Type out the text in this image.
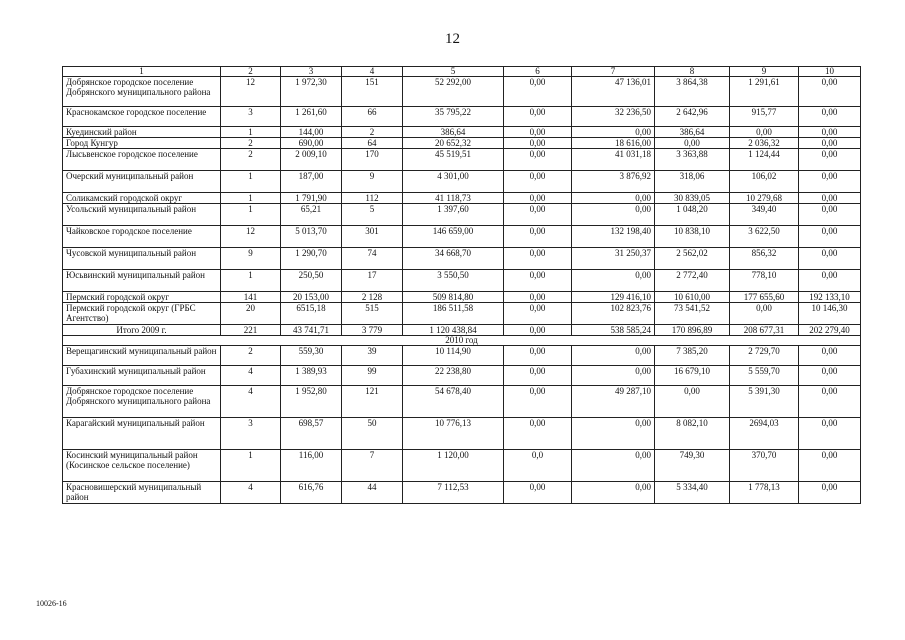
12
1	2	3	4	5	6	7	8	9	10
Добрянское городское поселение Добрянского муниципального района	12	1 972,30	151	52 292,00	0,00	47 136,01	3 864,38	1 291,61	0,00
Краснокамское городское поселение	3	1 261,60	66	35 795,22	0,00	32 236,50	2 642,96	915,77	0,00
Куединский район	1	144,00	2	386,64	0,00	0,00	386,64	0,00	0,00
Город Кунгур	2	690,00	64	20 652,32	0,00	18 616,00	0,00	2 036,32	0,00
Лысьвенское городское поселение	2	2 009,10	170	45 519,51	0,00	41 031,18	3 363,88	1 124,44	0,00
Очерский муниципальный район	1	187,00	9	4 301,00	0,00	3 876,92	318,06	106,02	0,00
Соликамский городской округ	1	1 791,90	112	41 118,73	0,00	0,00	30 839,05	10 279,68	0,00
Усольский муниципальный район	1	65,21	5	1 397,60	0,00	0,00	1 048,20	349,40	0,00
Чайковское городское поселение	12	5 013,70	301	146 659,00	0,00	132 198,40	10 838,10	3 622,50	0,00
Чусовской муниципальный район	9	1 290,70	74	34 668,70	0,00	31 250,37	2 562,02	856,32	0,00
Юсьвинский муниципальный район	1	250,50	17	3 550,50	0,00	0,00	2 772,40	778,10	0,00
Пермский городской округ	141	20 153,00	2 128	509 814,80	0,00	129 416,10	10 610,00	177 655,60	192 133,10
Пермский городской округ (ГРБС Агентство)	20	6515,18	515	186 511,58	0,00	102 823,76	73 541,52	0,00	10 146,30
Итого 2009 г.	221	43 741,71	3 779	1 120 438,84	0,00	538 585,24	170 896,89	208 677,31	202 279,40
2010 год									
Верещагинский муниципальный район	2	559,30	39	10 114,90	0,00	0,00	7 385,20	2 729,70	0,00
Губахинский муниципальный район	4	1 389,93	99	22 238,80	0,00	0,00	16 679,10	5 559,70	0,00
Добрянское городское поселение Добрянского муниципального района	4	1 952,80	121	54 678,40	0,00	49 287,10	0,00	5 391,30	0,00
Карагайский муниципальный район	3	698,57	50	10 776,13	0,00	0,00	8 082,10	2694,03	0,00
Косинский муниципальный район (Косинское сельское поселение)	1	116,00	7	1 120,00	0,0	0,00	749,30	370,70	0,00
Красновишерский муниципальный район	4	616,76	44	7 112,53	0,00	0,00	5 334,40	1 778,13	0,00
10026-16
